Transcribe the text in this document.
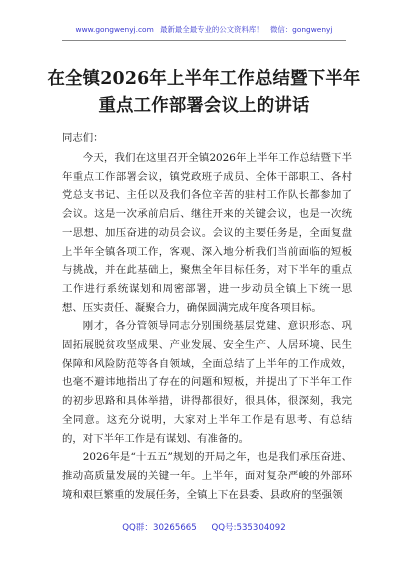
www.gongwenyj.com 最新最全最专业的公文资料库！ 微信：gongwenyj
在全镇2026年上半年工作总结暨下半年重点工作部署会议上的讲话
同志们：

今天，我们在这里召开全镇2026年上半年工作总结暨下半年重点工作部署会议，镇党政班子成员、全体干部职工、各村党总支书记、主任以及我们各位辛苦的驻村工作队长都参加了会议。这是一次承前启后、继往开来的关键会议，也是一次统一思想、加压奋进的动员会议。会议的主要任务是，全面复盘上半年全镇各项工作，客观、深入地分析我们当前面临的短板与挑战，并在此基础上，聚焦全年目标任务，对下半年的重点工作进行系统谋划和周密部署，进一步动员全镇上下统一思想、压实责任、凝聚合力，确保圆满完成年度各项目标。

刚才，各分管领导同志分别围绕基层党建、意识形态、巩固拓展脱贫攻坚成果、产业发展、安全生产、人居环境、民生保障和风险防范等各自领域，全面总结了上半年的工作成效，也毫不避讳地指出了存在的问题和短板，并提出了下半年工作的初步思路和具体举措，讲得都很好，很具体，很深刻，我完全同意。这充分说明，大家对上半年工作是有思考、有总结的，对下半年工作是有谋划、有准备的。

2026年是“十五五”规划的开局之年，也是我们承压奋进、推动高质量发展的关键一年。上半年，面对复杂严峻的外部环境和艰巨繁重的发展任务，全镇上下在县委、县政府的坚强领

QQ群：30265665 QQ号:535304092
